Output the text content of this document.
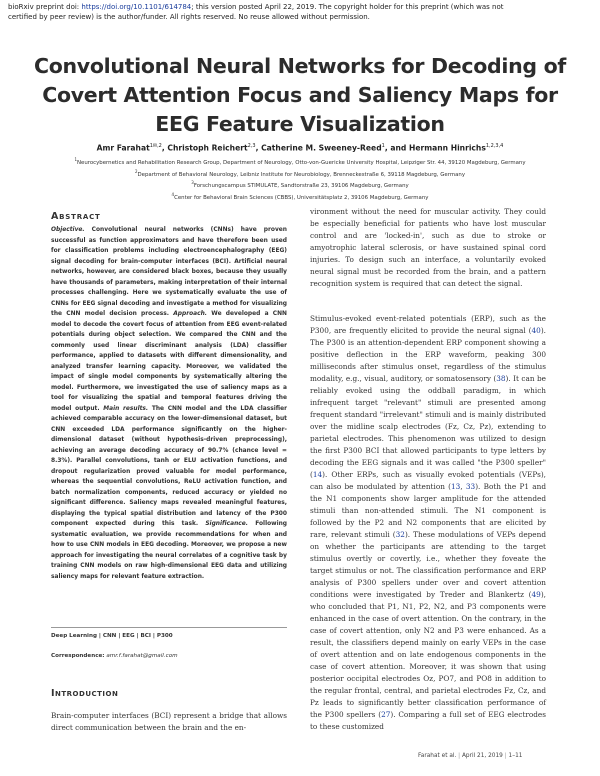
bioRxiv preprint doi: https://doi.org/10.1101/614784; this version posted April 22, 2019. The copyright holder for this preprint (which was not
certified by peer review) is the author/funder. All rights reserved. No reuse allowed without permission.
Convolutional Neural Networks for Decoding of Covert Attention Focus and Saliency Maps for EEG Feature Visualization
Amr Farahat$^{1✉,2}$, Christoph Reichert$^{2,3}$, Catherine M. Sweeney-Reed$^1$, and Hermann Hinrichs$^{1,2,3,4}$
$^1$Neurocybernetics and Rehabilitation Research Group, Department of Neurology, Otto-von-Guericke University Hospital, Leipziger Str. 44, 39120 Magdeburg, Germany
$^2$Department of Behavioral Neurology, Leibniz Institute for Neurobiology, Brenneckestraße 6, 39118 Magdeburg, Germany
$^3$Forschungscampus STIMULATE, Sandtorstraße 23, 39106 Magdeburg, Germany
$^4$Center for Behavioral Brain Sciences (CBBS), Universitätsplatz 2, 39106 Magdeburg, Germany
Abstract
Objective. Convolutional neural networks (CNNs) have proven successful as function approximators and have therefore been used for classification problems including electroencephalography (EEG) signal decoding for brain-computer interfaces (BCI). Artificial neural networks, however, are considered black boxes, because they usually have thousands of parameters, making interpretation of their internal processes challenging. Here we systematically evaluate the use of CNNs for EEG signal decoding and investigate a method for visualizing the CNN model decision process. Approach. We developed a CNN model to decode the covert focus of attention from EEG event-related potentials during object selection. We compared the CNN and the commonly used linear discriminant analysis (LDA) classifier performance, applied to datasets with different dimensionality, and analyzed transfer learning capacity. Moreover, we validated the impact of single model components by systematically altering the model. Furthermore, we investigated the use of saliency maps as a tool for visualizing the spatial and temporal features driving the model output. Main results. The CNN model and the LDA classifier achieved comparable accuracy on the lower-dimensional dataset, but CNN exceeded LDA performance significantly on the higher-dimensional dataset (without hypothesis-driven preprocessing), achieving an average decoding accuracy of 90.7% (chance level = 8.3%). Parallel convolutions, tanh or ELU activation functions, and dropout regularization proved valuable for model performance, whereas the sequential convolutions, ReLU activation function, and batch normalization components, reduced accuracy or yielded no significant difference. Saliency maps revealed meaningful features, displaying the typical spatial distribution and latency of the P300 component expected during this task. Significance. Following systematic evaluation, we provide recommendations for when and how to use CNN models in EEG decoding. Moreover, we propose a new approach for investigating the neural correlates of a cognitive task by training CNN models on raw high-dimensional EEG data and utilizing saliency maps for relevant feature extraction.
Deep Learning | CNN | EEG | BCI | P300
Correspondence: amr.f.farahat@gmail.com
Introduction
Brain-computer interfaces (BCI) represent a bridge that allows direct communication between the brain and the en-
vironment without the need for muscular activity. They could be especially beneficial for patients who have lost muscular control and are 'locked-in', such as due to stroke or amyotrophic lateral sclerosis, or have sustained spinal cord injuries. To design such an interface, a voluntarily evoked neural signal must be recorded from the brain, and a pattern recognition system is required that can detect the signal.
Stimulus-evoked event-related potentials (ERP), such as the P300, are frequently elicited to provide the neural signal (40). The P300 is an attention-dependent ERP component showing a positive deflection in the ERP waveform, peaking 300 milliseconds after stimulus onset, regardless of the stimulus modality, e.g., visual, auditory, or somatosensory (38). It can be reliably evoked using the oddball paradigm, in which infrequent target "relevant" stimuli are presented among frequent standard "irrelevant" stimuli and is mainly distributed over the midline scalp electrodes (Fz, Cz, Pz), extending to parietal electrodes. This phenomenon was utilized to design the first P300 BCI that allowed participants to type letters by decoding the EEG signals and it was called "the P300 speller" (14). Other ERPs, such as visually evoked potentials (VEPs), can also be modulated by attention (13, 33). Both the P1 and the N1 components show larger amplitude for the attended stimuli than non-attended stimuli. The N1 component is followed by the P2 and N2 components that are elicited by rare, relevant stimuli (32). These modulations of VEPs depend on whether the participants are attending to the target stimulus overtly or covertly, i.e., whether they foveate the target stimulus or not. The classification performance and ERP analysis of P300 spellers under over and covert attention conditions were investigated by Treder and Blankertz (49), who concluded that P1, N1, P2, N2, and P3 components were enhanced in the case of overt attention. On the contrary, in the case of covert attention, only N2 and P3 were enhanced. As a result, the classifiers depend mainly on early VEPs in the case of overt attention and on late endogenous components in the case of covert attention. Moreover, it was shown that using posterior occipital electrodes Oz, PO7, and PO8 in addition to the regular frontal, central, and parietal electrodes Fz, Cz, and Pz leads to significantly better classification performance of the P300 spellers (27). Comparing a full set of EEG electrodes to these customized
Farahat et al. | April 21, 2019 | 1–11
